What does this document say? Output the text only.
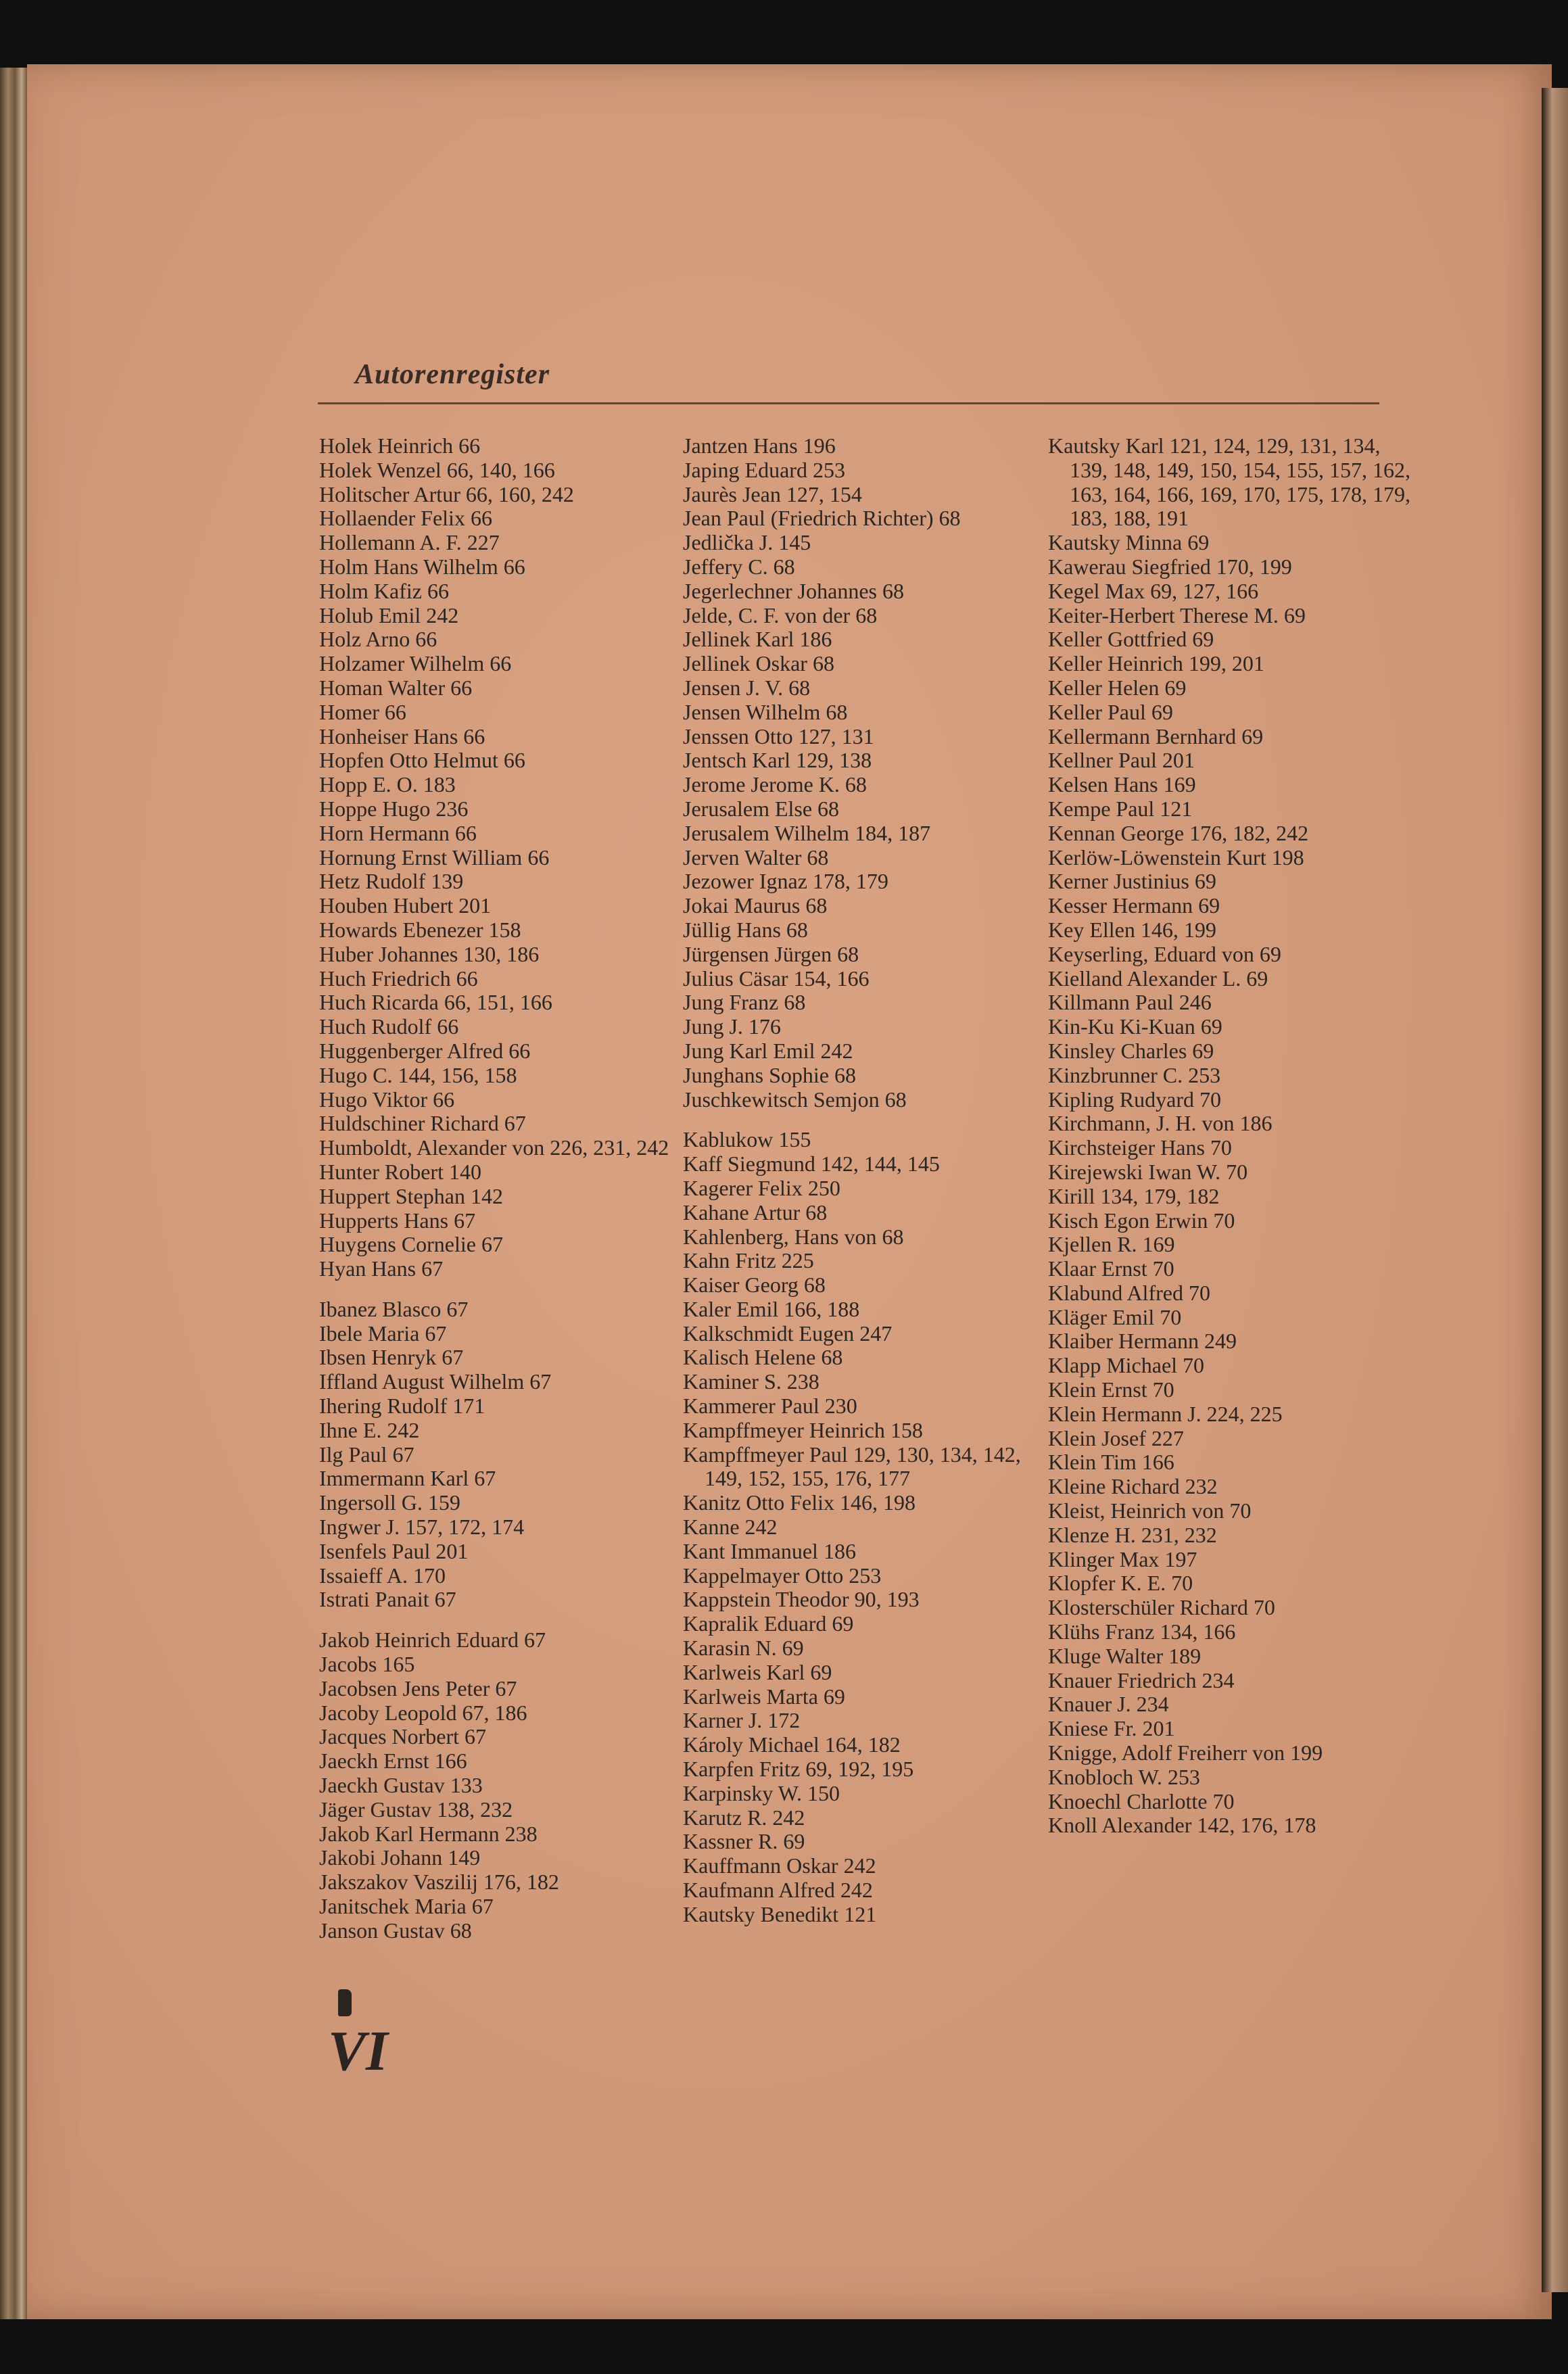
Autorenregister
Holek Heinrich 66
Holek Wenzel 66, 140, 166
Holitscher Artur 66, 160, 242
Hollaender Felix 66
Hollemann A. F. 227
Holm Hans Wilhelm 66
Holm Kafiz 66
Holub Emil 242
Holz Arno 66
Holzamer Wilhelm 66
Homan Walter 66
Homer 66
Honheiser Hans 66
Hopfen Otto Helmut 66
Hopp E. O. 183
Hoppe Hugo 236
Horn Hermann 66
Hornung Ernst William 66
Hetz Rudolf 139
Houben Hubert 201
Howards Ebenezer 158
Huber Johannes 130, 186
Huch Friedrich 66
Huch Ricarda 66, 151, 166
Huch Rudolf 66
Huggenberger Alfred 66
Hugo C. 144, 156, 158
Hugo Viktor 66
Huldschiner Richard 67
Humboldt, Alexander von 226, 231, 242
Hunter Robert 140
Huppert Stephan 142
Hupperts Hans 67
Huygens Cornelie 67
Hyan Hans 67
Ibanez Blasco 67
Ibele Maria 67
Ibsen Henryk 67
Iffland August Wilhelm 67
Ihering Rudolf 171
Ihne E. 242
Ilg Paul 67
Immermann Karl 67
Ingersoll G. 159
Ingwer J. 157, 172, 174
Isenfels Paul 201
Issaieff A. 170
Istrati Panait 67
Jakob Heinrich Eduard 67
Jacobs 165
Jacobsen Jens Peter 67
Jacoby Leopold 67, 186
Jacques Norbert 67
Jaeckh Ernst 166
Jaeckh Gustav 133
Jäger Gustav 138, 232
Jakob Karl Hermann 238
Jakobi Johann 149
Jakszakov Vaszilij 176, 182
Janitschek Maria 67
Janson Gustav 68
Jantzen Hans 196
Japing Eduard 253
Jaurès Jean 127, 154
Jean Paul (Friedrich Richter) 68
Jedlička J. 145
Jeffery C. 68
Jegerlechner Johannes 68
Jelde, C. F. von der 68
Jellinek Karl 186
Jellinek Oskar 68
Jensen J. V. 68
Jensen Wilhelm 68
Jenssen Otto 127, 131
Jentsch Karl 129, 138
Jerome Jerome K. 68
Jerusalem Else 68
Jerusalem Wilhelm 184, 187
Jerven Walter 68
Jezower Ignaz 178, 179
Jokai Maurus 68
Jüllig Hans 68
Jürgensen Jürgen 68
Julius Cäsar 154, 166
Jung Franz 68
Jung J. 176
Jung Karl Emil 242
Junghans Sophie 68
Juschkewitsch Semjon 68
Kablukow 155
Kaff Siegmund 142, 144, 145
Kagerer Felix 250
Kahane Artur 68
Kahlenberg, Hans von 68
Kahn Fritz 225
Kaiser Georg 68
Kaler Emil 166, 188
Kalkschmidt Eugen 247
Kalisch Helene 68
Kaminer S. 238
Kammerer Paul 230
Kampffmeyer Heinrich 158
Kampffmeyer Paul 129, 130, 134, 142, 149, 152, 155, 176, 177
Kanitz Otto Felix 146, 198
Kanne 242
Kant Immanuel 186
Kappelmayer Otto 253
Kappstein Theodor 90, 193
Kapralik Eduard 69
Karasin N. 69
Karlweis Karl 69
Karlweis Marta 69
Karner J. 172
Károly Michael 164, 182
Karpfen Fritz 69, 192, 195
Karpinsky W. 150
Karutz R. 242
Kassner R. 69
Kauffmann Oskar 242
Kaufmann Alfred 242
Kautsky Benedikt 121
Kautsky Karl 121, 124, 129, 131, 134, 139, 148, 149, 150, 154, 155, 157, 162, 163, 164, 166, 169, 170, 175, 178, 179, 183, 188, 191
Kautsky Minna 69
Kawerau Siegfried 170, 199
Kegel Max 69, 127, 166
Keiter-Herbert Therese M. 69
Keller Gottfried 69
Keller Heinrich 199, 201
Keller Helen 69
Keller Paul 69
Kellermann Bernhard 69
Kellner Paul 201
Kelsen Hans 169
Kempe Paul 121
Kennan George 176, 182, 242
Kerlöw-Löwenstein Kurt 198
Kerner Justinius 69
Kesser Hermann 69
Key Ellen 146, 199
Keyserling, Eduard von 69
Kielland Alexander L. 69
Killmann Paul 246
Kin-Ku Ki-Kuan 69
Kinsley Charles 69
Kinzbrunner C. 253
Kipling Rudyard 70
Kirchmann, J. H. von 186
Kirchsteiger Hans 70
Kirejewski Iwan W. 70
Kirill 134, 179, 182
Kisch Egon Erwin 70
Kjellen R. 169
Klaar Ernst 70
Klabund Alfred 70
Kläger Emil 70
Klaiber Hermann 249
Klapp Michael 70
Klein Ernst 70
Klein Hermann J. 224, 225
Klein Josef 227
Klein Tim 166
Kleine Richard 232
Kleist, Heinrich von 70
Klenze H. 231, 232
Klinger Max 197
Klopfer K. E. 70
Klosterschüler Richard 70
Klühs Franz 134, 166
Kluge Walter 189
Knauer Friedrich 234
Knauer J. 234
Kniese Fr. 201
Knigge, Adolf Freiherr von 199
Knobloch W. 253
Knoechl Charlotte 70
Knoll Alexander 142, 176, 178
VI
